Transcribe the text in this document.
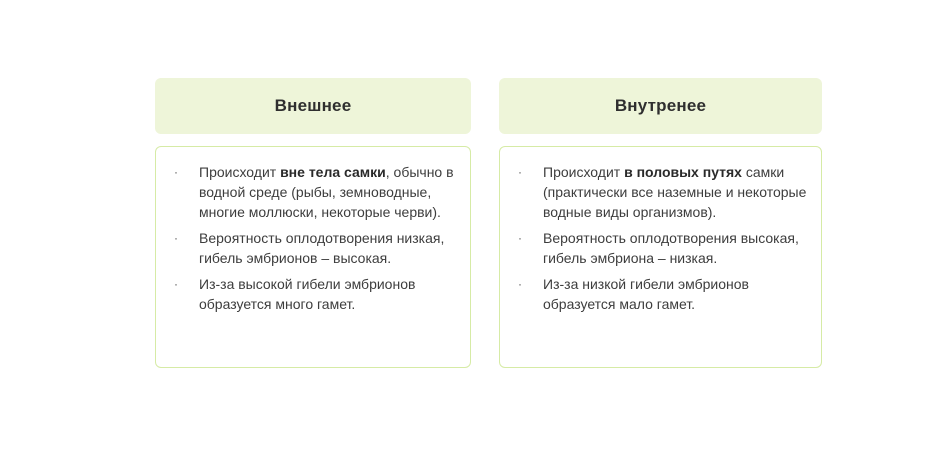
Внешнее
· Происходит вне тела самки, обычно в водной среде (рыбы, земноводные, многие моллюски, некоторые черви).
· Вероятность оплодотворения низкая, гибель эмбрионов – высокая.
· Из-за высокой гибели эмбрионов образуется много гамет.
Внутренее
· Происходит в половых путях самки (практически все наземные и некоторые водные виды организмов).
· Вероятность оплодотворения высокая, гибель эмбриона – низкая.
· Из-за низкой гибели эмбрионов образуется мало гамет.
